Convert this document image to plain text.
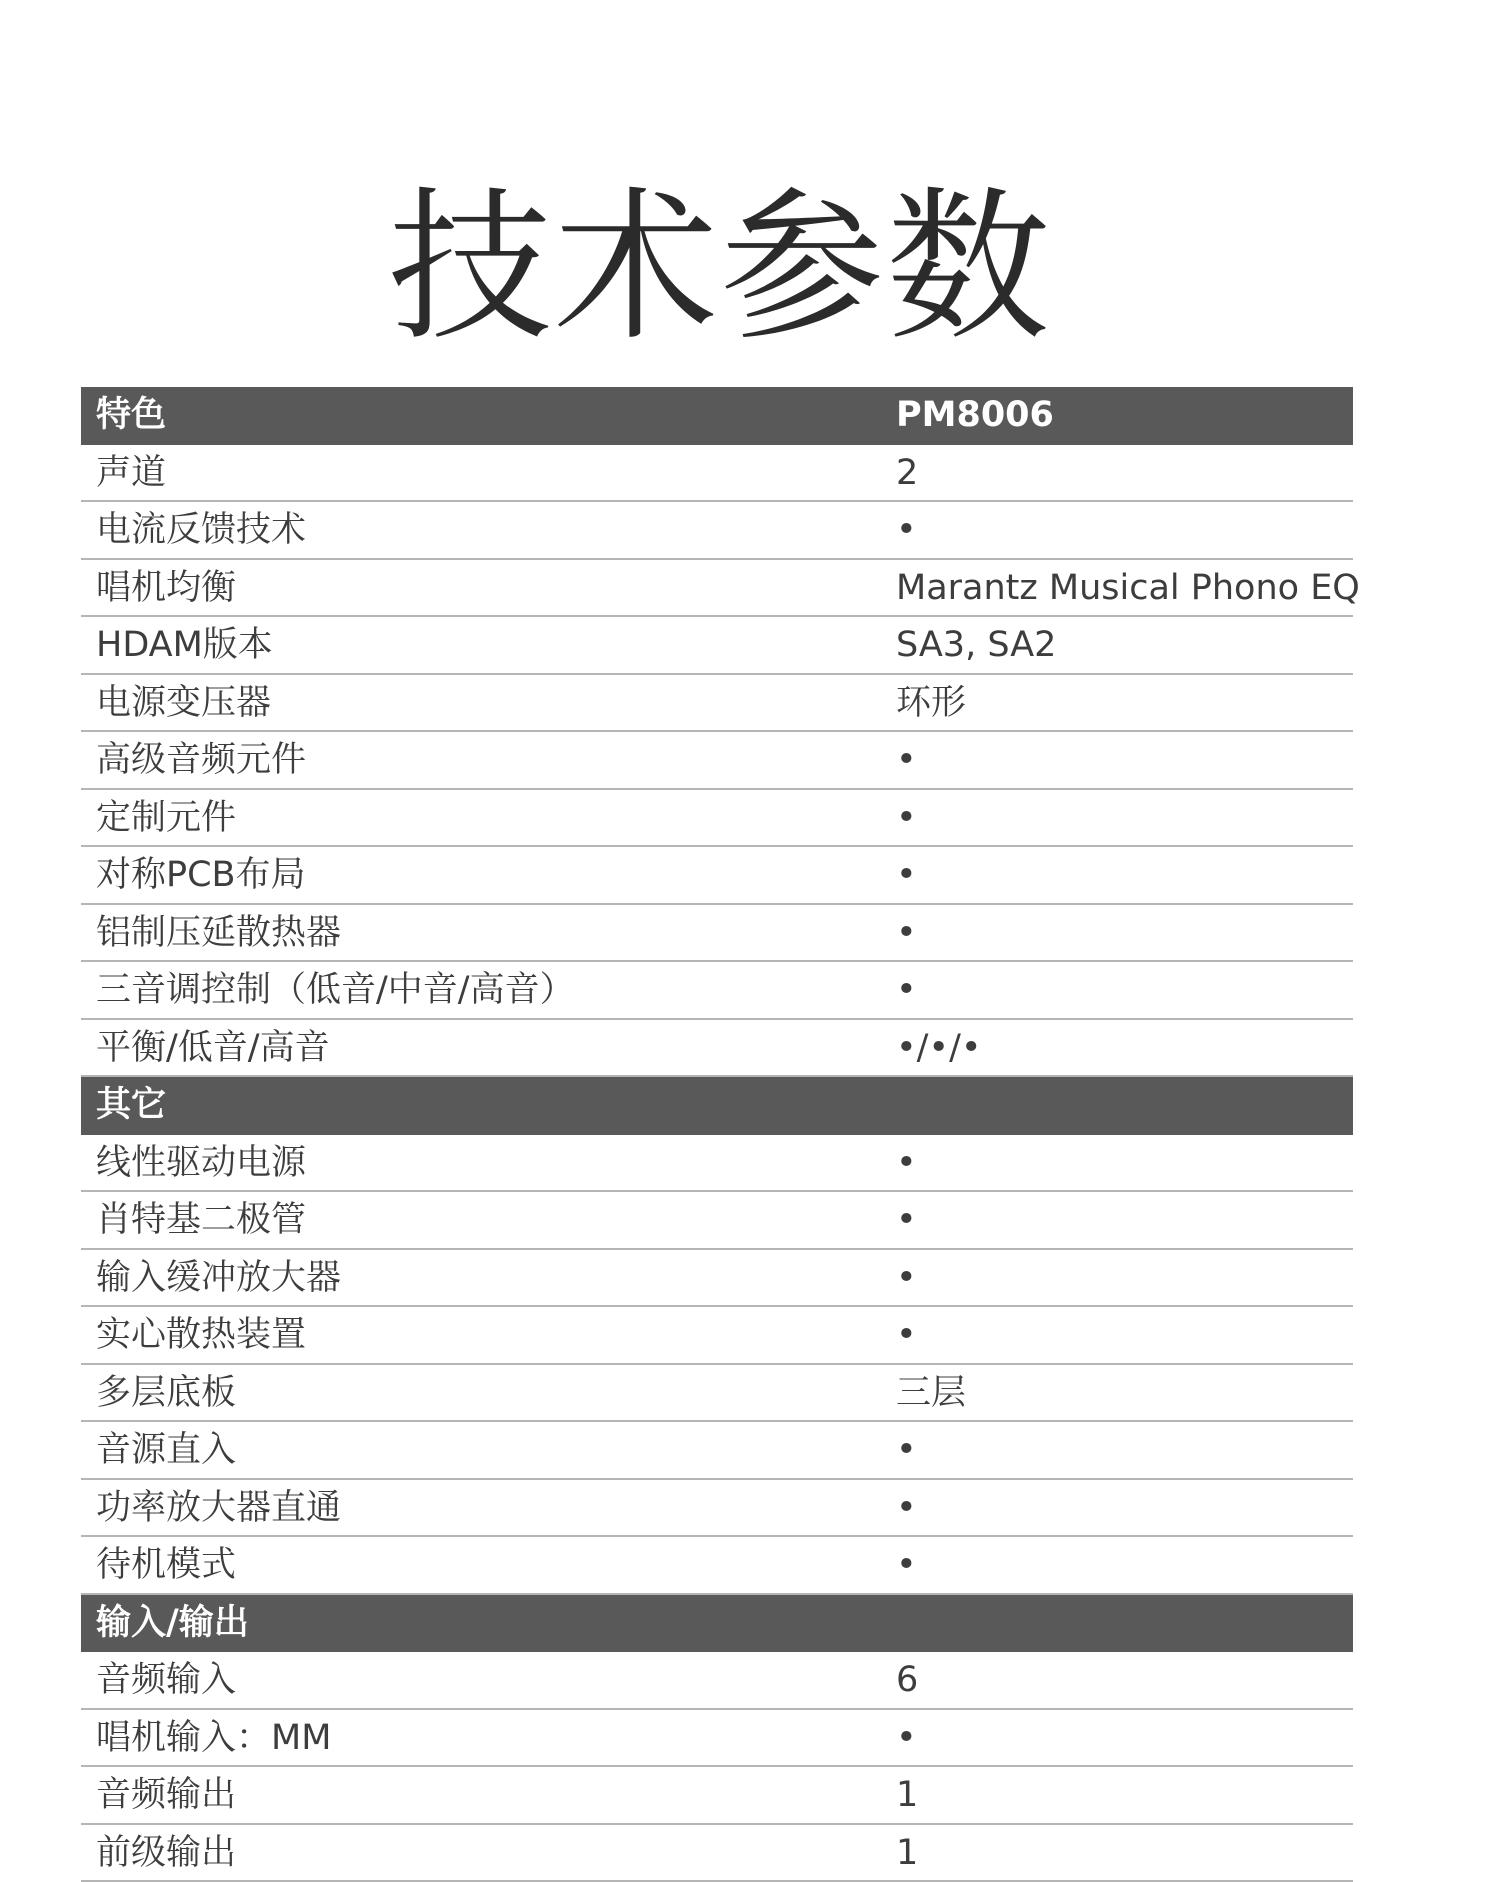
技术参数
特色	PM8006
声道	2
电流反馈技术	•
唱机均衡	Marantz Musical Phono EQ
HDAM版本	SA3, SA2
电源变压器	环形
高级音频元件	•
定制元件	•
对称PCB布局	•
铝制压延散热器	•
三音调控制（低音/中音/高音）	•
平衡/低音/高音	•/•/•
其它
线性驱动电源	•
肖特基二极管	•
输入缓冲放大器	•
实心散热装置	•
多层底板	三层
音源直入	•
功率放大器直通	•
待机模式	•
输入/输出
音频输入	6
唱机输入：MM	•
音频输出	1
前级输出	1
